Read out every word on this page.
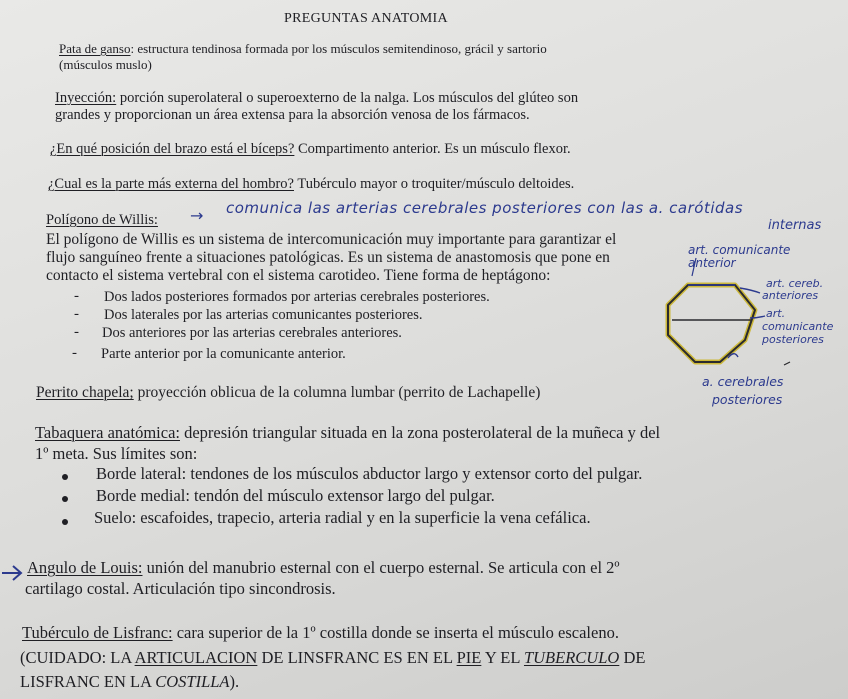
PREGUNTAS ANATOMIA
Pata de ganso: estructura tendinosa formada por los músculos semitendinoso, grácil y sartorio
(músculos muslo)
Inyección: porción superolateral o superoexterno de la nalga. Los músculos del glúteo son
grandes y proporcionan un área extensa para la absorción venosa de los fármacos.
¿En qué posición del brazo está el bíceps? Compartimento anterior. Es un músculo flexor.
¿Cual es la parte más externa del hombro? Tubérculo mayor o troquiter/músculo deltoides.
Polígono de Willis: → comunica las arterias cerebrales posteriores con las a. carótidas
internas
El polígono de Willis es un sistema de intercomunicación muy importante para garantizar el
flujo sanguíneo frente a situaciones patológicas. Es un sistema de anastomosis que pone en
contacto el sistema vertebral con el sistema carotideo. Tiene forma de heptágono:
- Dos lados posteriores formados por arterias cerebrales posteriores.
- Dos laterales por las arterias comunicantes posteriores.
- Dos anteriores por las arterias cerebrales anteriores.
- Parte anterior por la comunicante anterior.
art. comunicante
anterior
art. cereb.
anteriores
art.
comunicante
posteriores
a. cerebrales
posteriores
Perrito chapela; proyección oblicua de la columna lumbar (perrito de Lachapelle)
Tabaquera anatómica: depresión triangular situada en la zona posterolateral de la muñeca y del
1º meta. Sus límites son:
Borde lateral: tendones de los músculos abductor largo y extensor corto del pulgar.
Borde medial: tendón del músculo extensor largo del pulgar.
Suelo: escafoides, trapecio, arteria radial y en la superficie la vena cefálica.
Angulo de Louis: unión del manubrio esternal con el cuerpo esternal. Se articula con el 2º
cartilago costal. Articulación tipo sincondrosis.
Tubérculo de Lisfranc: cara superior de la 1º costilla donde se inserta el músculo escaleno.
(CUIDADO: LA ARTICULACION DE LINSFRANC ES EN EL PIE Y EL TUBERCULO DE
LISFRANC EN LA COSTILLA).
